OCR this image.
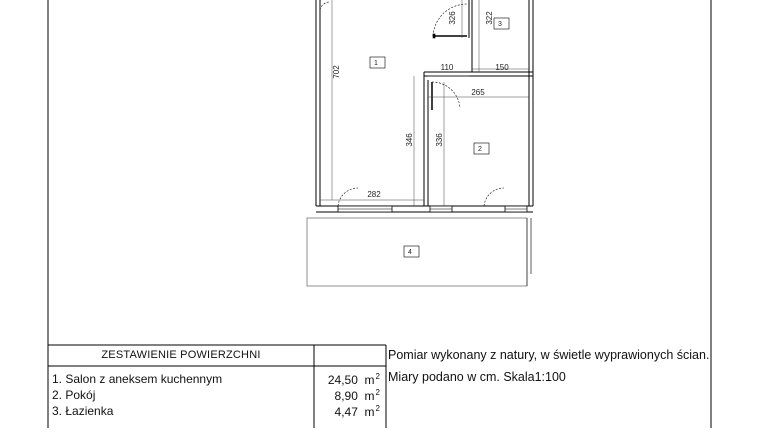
326	322
702	110	150
265
346	336
282
1
2
3
4
ZESTAWIENIE POWIERZCHNI
1. Salon z aneksem kuchennym	24,50 $m^2$
2. Pokój	8,90 $m^2$
3. Łazienka	4,47 $m^2$
Pomiar wykonany z natury, w świetle wyprawionych ścian.
Miary podano w cm. Skala1:100
